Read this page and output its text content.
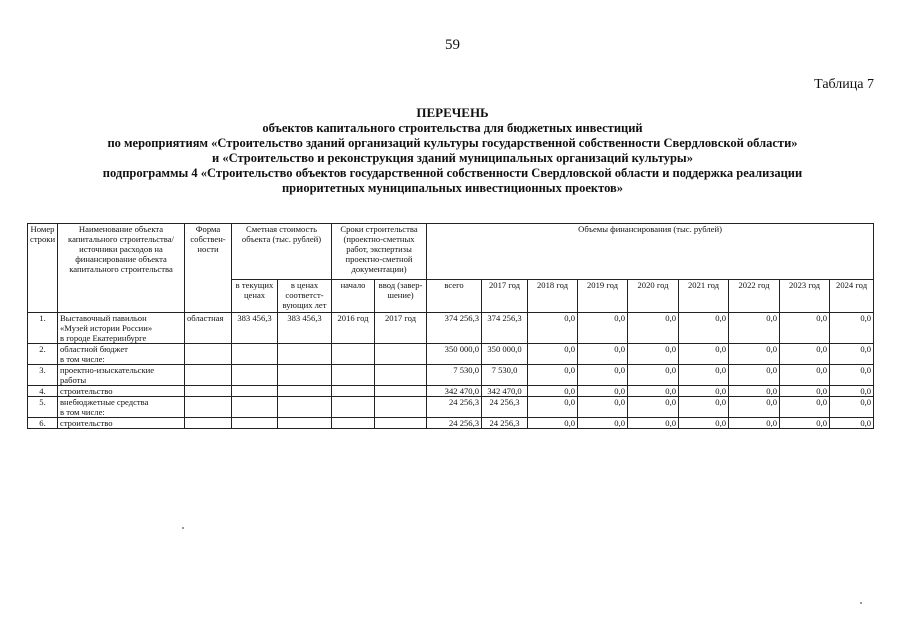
59
Таблица 7
ПЕРЕЧЕНЬ
объектов капитального строительства для бюджетных инвестиций
по мероприятиям «Строительство зданий организаций культуры государственной собственности Свердловской области»
и «Строительство и реконструкция зданий муниципальных организаций культуры»
подпрограммы 4 «Строительство объектов государственной собственности Свердловской области и поддержка реализации
приоритетных муниципальных инвестиционных проектов»
Номер строки	Наименование объекта капитального строительства/ источники расходов на финансирование объекта капитального строительства	Форма собствен-ности	Сметная стоимость объекта (тыс. рублей)		Сроки строительства (проектно-сметных работ, экспертизы проектно-сметной документации)		Объемы финансирования (тыс. рублей)								
			в текущих ценах	в ценах соответст-вующих лет	начало	ввод (завер-шение)	всего	2017 год	2018 год	2019 год	2020 год	2021 год	2022 год	2023 год	2024 год
1.	Выставочный павильон
«Музей истории России»
в городе Екатеринбурге	областная	383 456,3	383 456,3	2016 год	2017 год	374 256,3	374 256,3	0,0	0,0	0,0	0,0	0,0	0,0	0,0
2.	областной бюджет
в том числе:						350 000,0	350 000,0	0,0	0,0	0,0	0,0	0,0	0,0	0,0
3.	проектно-изыскательские
работы						7 530,0	7 530,0	0,0	0,0	0,0	0,0	0,0	0,0	0,0
4.	строительство						342 470,0	342 470,0	0,0	0,0	0,0	0,0	0,0	0,0	0,0
5.	внебюджетные средства
в том числе:						24 256,3	24 256,3	0,0	0,0	0,0	0,0	0,0	0,0	0,0
6.	строительство						24 256,3	24 256,3	0,0	0,0	0,0	0,0	0,0	0,0	0,0
